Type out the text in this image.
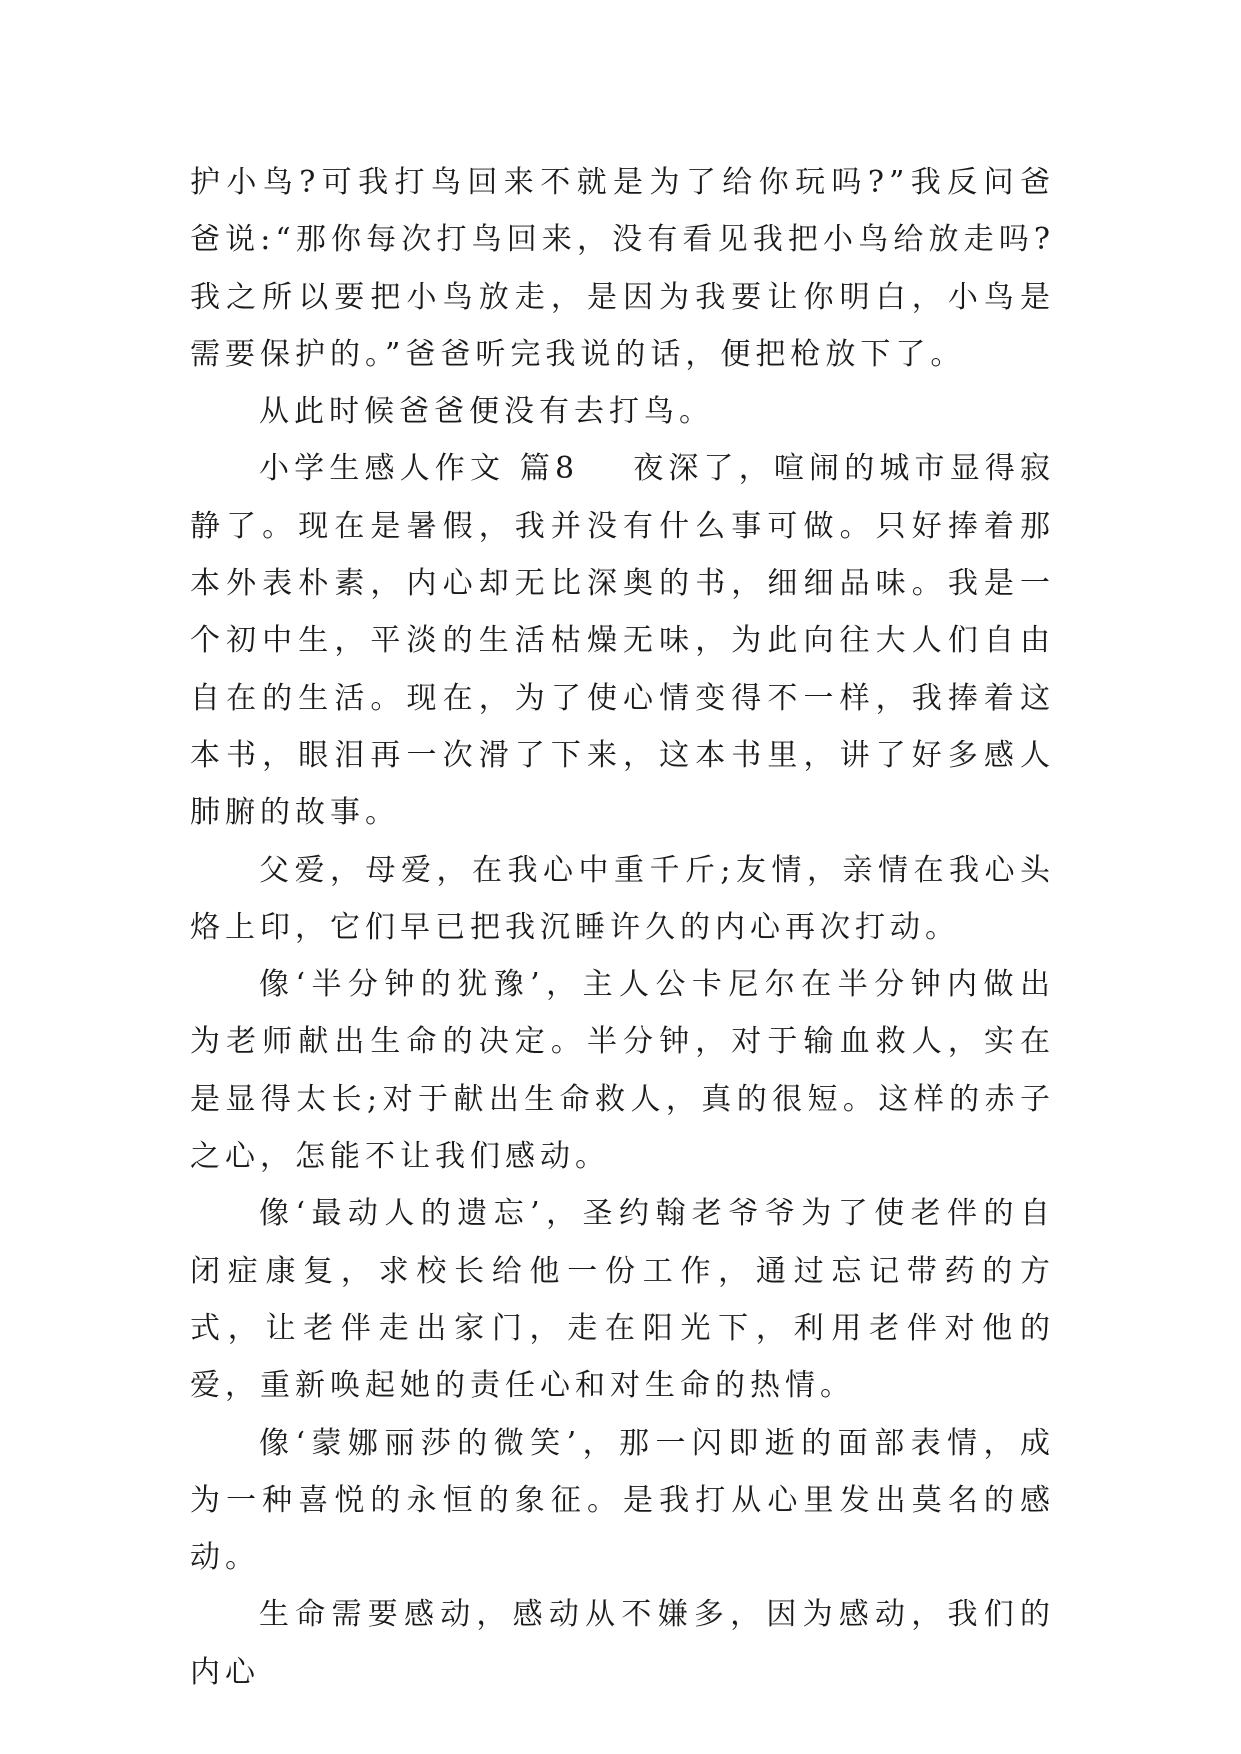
护小鸟?可我打鸟回来不就是为了给你玩吗?”我反问爸爸说:“那你每次打鸟回来，没有看见我把小鸟给放走吗?我之所以要把小鸟放走，是因为我要让你明白，小鸟是需要保护的。”爸爸听完我说的话，便把枪放下了。

从此时候爸爸便没有去打鸟。

小学生感人作文 篇8 夜深了，喧闹的城市显得寂静了。现在是暑假，我并没有什么事可做。只好捧着那本外表朴素，内心却无比深奥的书，细细品味。我是一个初中生，平淡的生活枯燥无味，为此向往大人们自由自在的生活。现在，为了使心情变得不一样，我捧着这本书，眼泪再一次滑了下来，这本书里，讲了好多感人肺腑的故事。

父爱，母爱，在我心中重千斤;友情，亲情在我心头烙上印，它们早已把我沉睡许久的内心再次打动。

像‘半分钟的犹豫’，主人公卡尼尔在半分钟内做出为老师献出生命的决定。半分钟，对于输血救人，实在是显得太长;对于献出生命救人，真的很短。这样的赤子之心，怎能不让我们感动。

像‘最动人的遗忘’，圣约翰老爷爷为了使老伴的自闭症康复，求校长给他一份工作，通过忘记带药的方式，让老伴走出家门，走在阳光下，利用老伴对他的爱，重新唤起她的责任心和对生命的热情。

像‘蒙娜丽莎的微笑’，那一闪即逝的面部表情，成为一种喜悦的永恒的象征。是我打从心里发出莫名的感动。

生命需要感动，感动从不嫌多，因为感动，我们的内心
